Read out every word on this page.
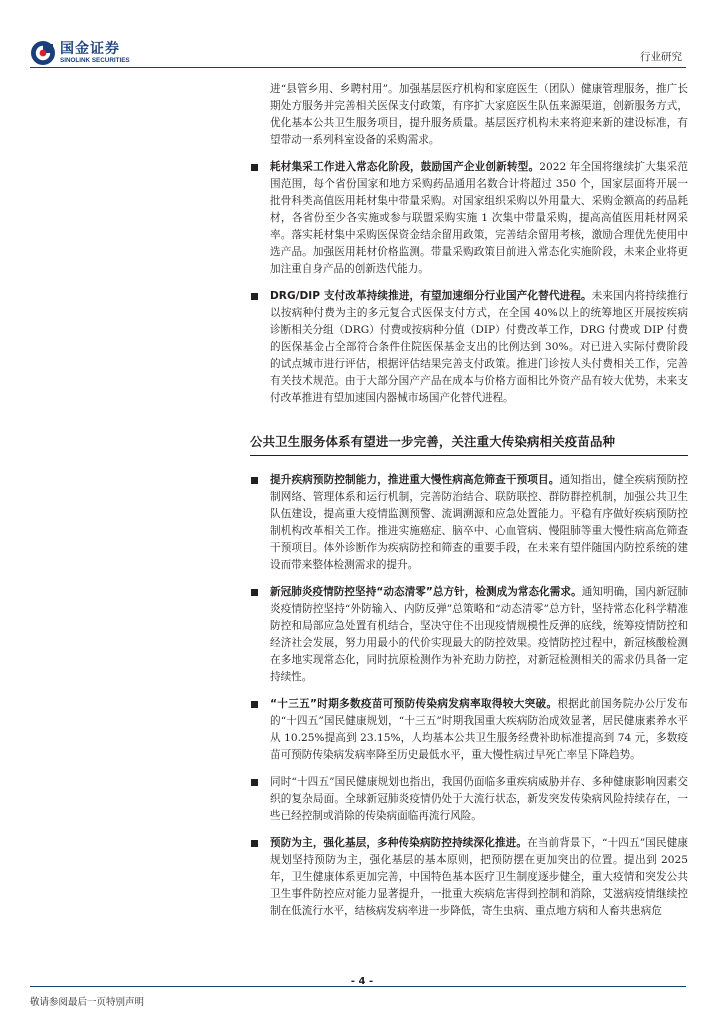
国金证券
SINOLINK SECURITIES	行业研究

进“县管乡用、乡聘村用”。加强基层医疗机构和家庭医生（团队）健康管理服务，推广长期处方服务并完善相关医保支付政策，有序扩大家庭医生队伍来源渠道，创新服务方式，优化基本公共卫生服务项目，提升服务质量。基层医疗机构未来将迎来新的建设标准，有望带动一系列科室设备的采购需求。

耗材集采工作进入常态化阶段，鼓励国产企业创新转型。2022 年全国将继续扩大集采范围范围，每个省份国家和地方采购药品通用名数合计将超过 350 个，国家层面将开展一批骨科类高值医用耗材集中带量采购。对国家组织采购以外用量大、采购金额高的药品耗材，各省份至少各实施或参与联盟采购实施 1 次集中带量采购，提高高值医用耗材网采率。落实耗材集中采购医保资金结余留用政策，完善结余留用考核，激励合理优先使用中选产品。加强医用耗材价格监测。带量采购政策目前进入常态化实施阶段，未来企业将更加注重自身产品的创新迭代能力。

DRG/DIP 支付改革持续推进，有望加速细分行业国产化替代进程。未来国内将持续推行以按病种付费为主的多元复合式医保支付方式，在全国 40%以上的统筹地区开展按疾病诊断相关分组（DRG）付费或按病种分值（DIP）付费改革工作，DRG 付费或 DIP 付费的医保基金占全部符合条件住院医保基金支出的比例达到 30%。对已进入实际付费阶段的试点城市进行评估，根据评估结果完善支付政策。推进门诊按人头付费相关工作，完善有关技术规范。由于大部分国产产品在成本与价格方面相比外资产品有较大优势，未来支付改革推进有望加速国内器械市场国产化替代进程。

公共卫生服务体系有望进一步完善，关注重大传染病相关疫苗品种

提升疾病预防控制能力，推进重大慢性病高危筛查干预项目。通知指出，健全疾病预防控制网络、管理体系和运行机制，完善防治结合、联防联控、群防群控机制，加强公共卫生队伍建设，提高重大疫情监测预警、流调溯源和应急处置能力。平稳有序做好疾病预防控制机构改革相关工作。推进实施癌症、脑卒中、心血管病、慢阻肺等重大慢性病高危筛查干预项目。体外诊断作为疾病防控和筛查的重要手段，在未来有望伴随国内防控系统的建设而带来整体检测需求的提升。

新冠肺炎疫情防控坚持“动态清零”总方针，检测成为常态化需求。通知明确，国内新冠肺炎疫情防控坚持“外防输入、内防反弹”总策略和“动态清零”总方针，坚持常态化科学精准防控和局部应急处置有机结合，坚决守住不出现疫情规模性反弹的底线，统筹疫情防控和经济社会发展，努力用最小的代价实现最大的防控效果。疫情防控过程中，新冠核酸检测在多地实现常态化，同时抗原检测作为补充助力防控，对新冠检测相关的需求仍具备一定持续性。

“十三五”时期多数疫苗可预防传染病发病率取得较大突破。根据此前国务院办公厅发布的“十四五”国民健康规划，“十三五”时期我国重大疾病防治成效显著，居民健康素养水平从 10.25%提高到 23.15%，人均基本公共卫生服务经费补助标准提高到 74 元，多数疫苗可预防传染病发病率降至历史最低水平，重大慢性病过早死亡率呈下降趋势。

同时“十四五”国民健康规划也指出，我国仍面临多重疾病威胁并存、多种健康影响因素交织的复杂局面。全球新冠肺炎疫情仍处于大流行状态，新发突发传染病风险持续存在，一些已经控制或消除的传染病面临再流行风险。

预防为主，强化基层，多种传染病防控持续深化推进。在当前背景下，“十四五”国民健康规划坚持预防为主，强化基层的基本原则，把预防摆在更加突出的位置。提出到 2025 年，卫生健康体系更加完善，中国特色基本医疗卫生制度逐步健全，重大疫情和突发公共卫生事件防控应对能力显著提升，一批重大疾病危害得到控制和消除，艾滋病疫情继续控制在低流行水平，结核病发病率进一步降低，寄生虫病、重点地方病和人畜共患病危

- 4 -
敬请参阅最后一页特别声明
